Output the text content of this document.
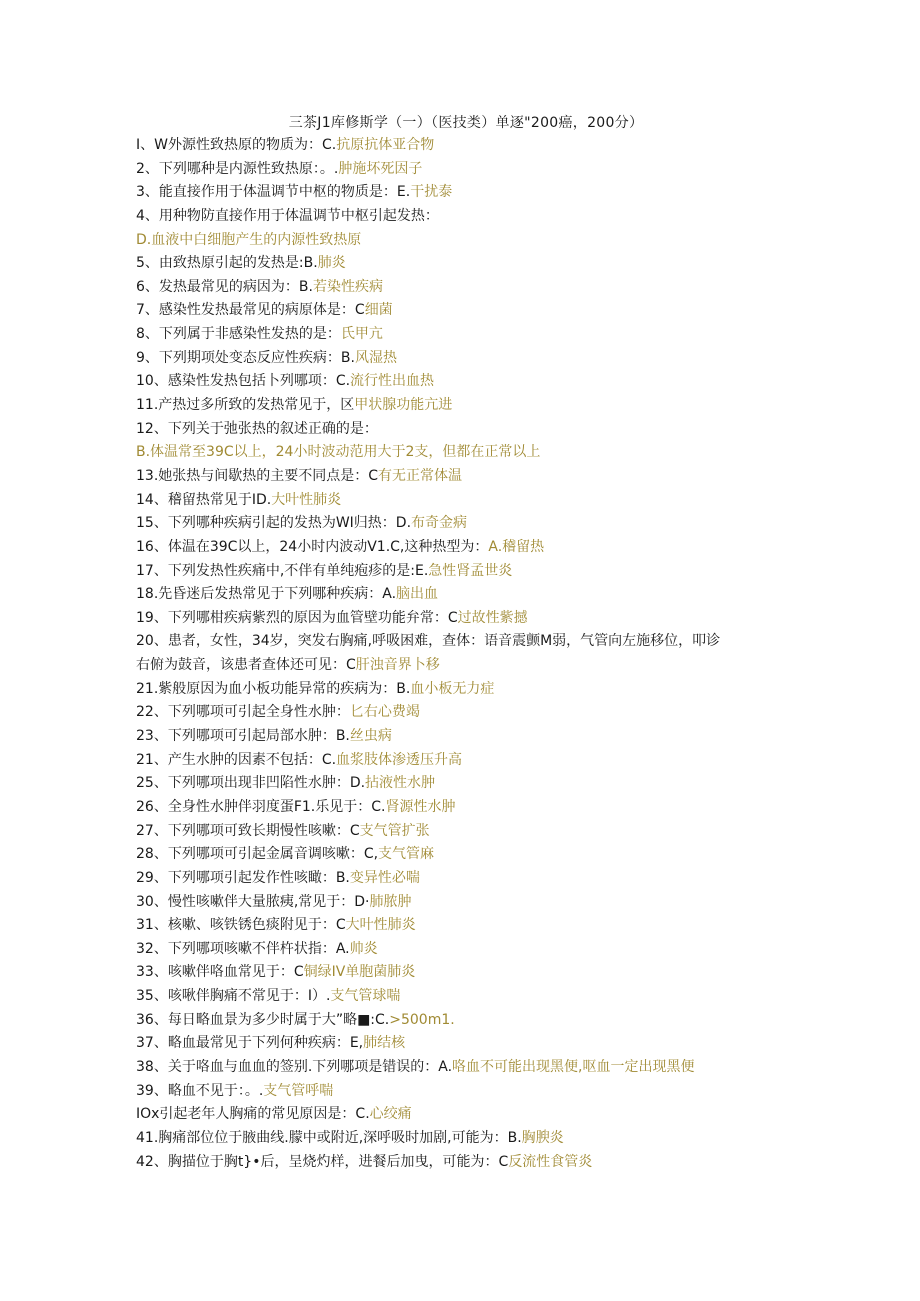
三茶J1库修斯学（一）（医技类）单逐"200癌，200分）
I、W外源性致热原的物质为：C.抗原抗体亚合物
2、下列哪种是内源性致热原：。.肿施坏死因子
3、能直接作用于体温调节中枢的物质是：E.干扰泰
4、用种物防直接作用于体温调节中枢引起发热：
D.血液中白细胞产生的内源性致热原
5、由致热原引起的发热是:B.肺炎
6、发热最常见的病因为：B.若染性疾病
7、感染性发热最常见的病原体是：C细菌
8、下列属于非感染性发热的是：氏甲亢
9、下列期项处变态反应性疾病：B.风湿热
10、感染性发热包括卜列哪项：C.流行性出血热
11.产热过多所致的发热常见于，区甲状腺功能亢进
12、下列关于弛张热的叙述正确的是：
B.体温常至39C以上，24小时波动范用大于2支，但都在正常以上
13.她张热与间歇热的主要不同点是：C有无正常体温
14、稽留热常见于ID.大叶性肺炎
15、下列哪种疾病引起的发热为WI归热：D.布奇金病
16、体温在39C以上，24小时内波动V1.C,这种热型为：A.稽留热
17、下列发热性疾痛中,不伴有单纯疱疹的是:E.急性肾孟世炎
18.先昏迷后发热常见于下列哪种疾病：A.脑出血
19、下列哪柑疾病紫烈的原因为血管壁功能弁常：C过故性紫撼
20、患者，女性，34岁，突发右胸痛,呼吸困难，查体：语音震颤M弱，气管向左施移位，叩诊
右俯为鼓音，该患者查体还可见：C肝浊音界卜移
21.紫般原因为血小板功能异常的疾病为：B.血小板无力症
22、下列哪项可引起全身性水肿：匕右心费竭
23、下列哪项可引起局部水肿：B.丝虫病
21、产生水肿的因素不包括：C.血浆肢体渗透压升高
25、下列哪项出现非凹陷性水肿：D.拈液性水肿
26、全身性水肿伴羽度蛋F1.乐见于：C.肾源性水肿
27、下列哪项可致长期慢性咳嗽：C支气管扩张
28、下列哪项可引起金属音调咳嗽：C,支气管麻
29、下列哪项引起发作性咳瞰：B.变异性必喘
30、慢性咳嗽伴大量脓痍,常见于：D·肺脓肿
31、核嗽、咳铁锈色痰附见于：C大叶性肺炎
32、下列哪项咳嗽不伴杵状指：A.帅炎
33、咳嗽伴咯血常见于：C铜绿IV单胞菌肺炎
35、咳啾伴胸痛不常见于：I）.支气管球喘
36、每日略血景为多少时属于大”略■:C.>500m1.
37、略血最常见于下列何种疾病：E,肺结核
38、关于咯血与血血的签别.下列哪项是错误的：A.咯血不可能出现黑便,呕血一定出现黑便
39、略血不见于：。.支气管呼喘
IOx引起老年人胸痛的常见原因是：C.心绞痛
41.胸痛部位位于腋曲线.朦中或附近,深呼吸时加剧,可能为：B.胸腴炎
42、胸描位于胸t}•后，呈烧灼样，进餐后加曳，可能为：C反流性食管炎
